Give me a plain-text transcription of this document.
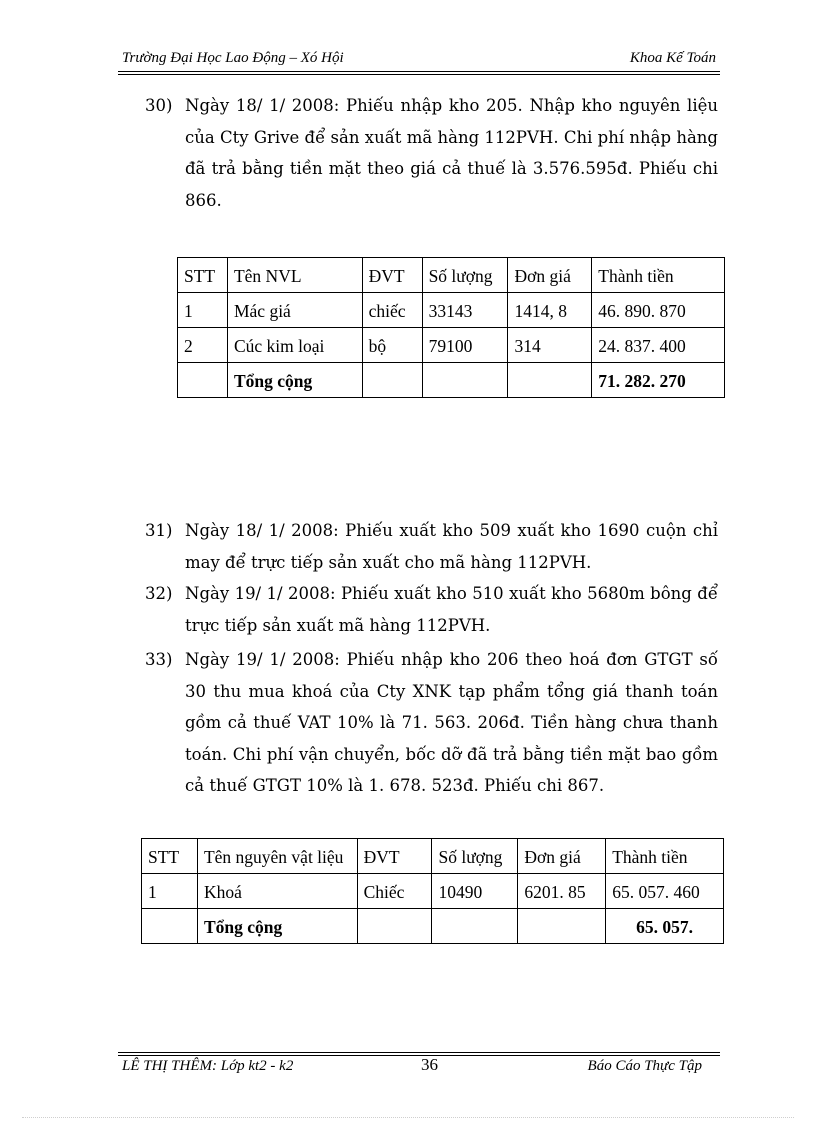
Trường Đại Học Lao Động – Xó Hội	Khoa Kế Toán
30) Ngày 18/ 1/ 2008: Phiếu nhập kho 205. Nhập kho nguyên liệu của Cty Grive để sản xuất mã hàng 112PVH. Chi phí nhập hàng đã trả bằng tiền mặt theo giá cả thuế là 3.576.595đ. Phiếu chi 866.
STT	Tên NVL	ĐVT	Số lượng	Đơn giá	Thành tiền
1	Mác giá	chiếc	33143	1414, 8	46. 890. 870
2	Cúc kim loại	bộ	79100	314	24. 837. 400
	Tổng cộng				71. 282. 270
31) Ngày 18/ 1/ 2008: Phiếu xuất kho 509 xuất kho 1690 cuộn chỉ may để trực tiếp sản xuất cho mã hàng 112PVH.
32) Ngày 19/ 1/ 2008: Phiếu xuất kho 510 xuất kho 5680m bông để trực tiếp sản xuất mã hàng 112PVH.
33) Ngày 19/ 1/ 2008: Phiếu nhập kho 206 theo hoá đơn GTGT số 30 thu mua khoá của Cty XNK tạp phẩm tổng giá thanh toán gồm cả thuế VAT 10% là 71. 563. 206đ. Tiền hàng chưa thanh toán. Chi phí vận chuyển, bốc dỡ đã trả bằng tiền mặt bao gồm cả thuế GTGT 10% là 1. 678. 523đ. Phiếu chi 867.
STT	Tên nguyên vật liệu	ĐVT	Số lượng	Đơn giá	Thành tiền
1	Khoá	Chiếc	10490	6201. 85	65. 057. 460
	Tổng cộng				65. 057.
LÊ THỊ THÊM: Lớp kt2 - k2	36	Báo Cáo Thực Tập
